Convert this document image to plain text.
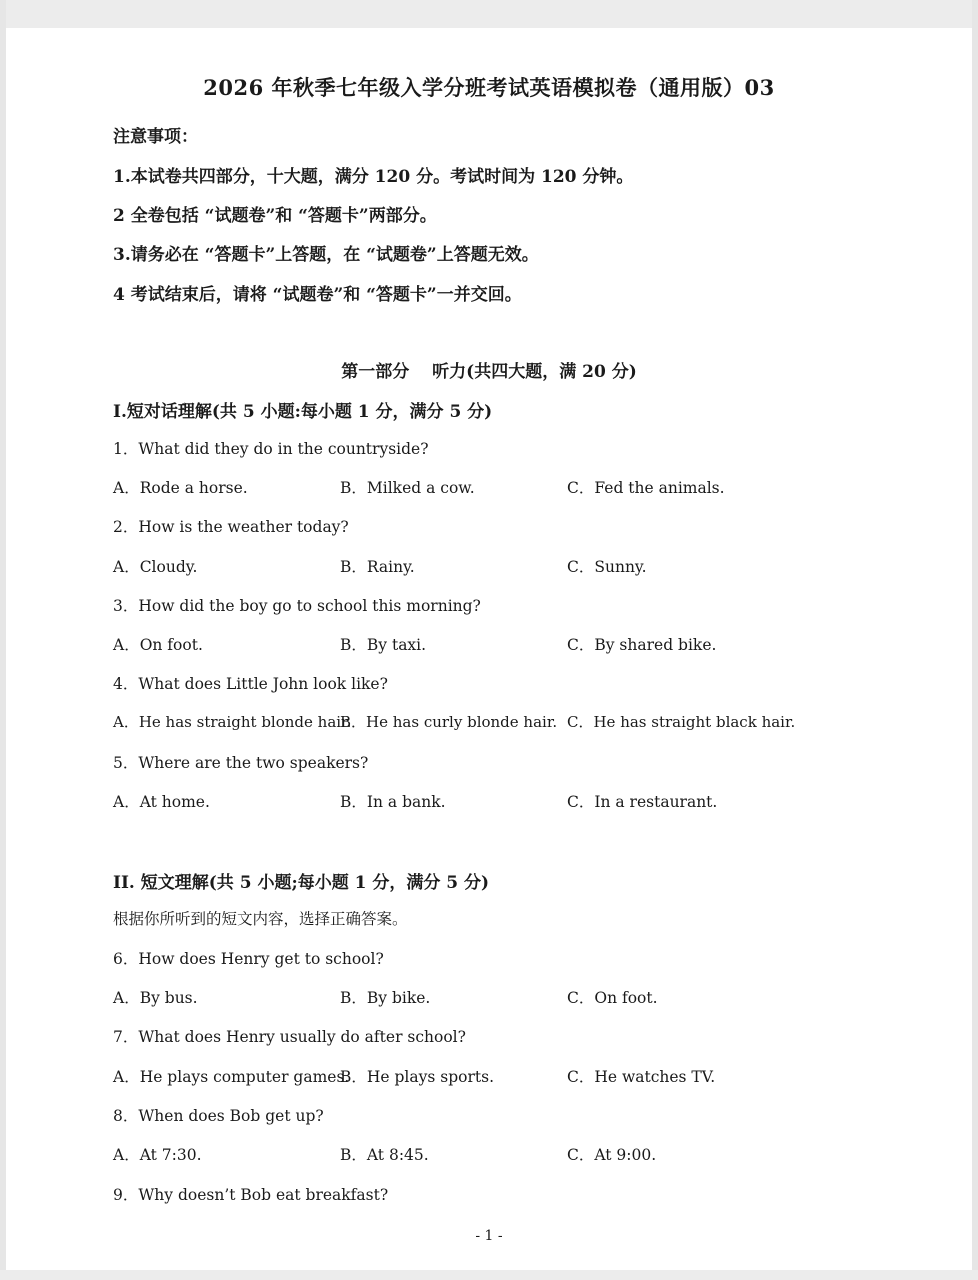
2026 年秋季七年级入学分班考试英语模拟卷（通用版）03
注意事项：
1.本试卷共四部分，十大题，满分 120 分。考试时间为 120 分钟。
2 全卷包括 “试题卷”和 “答题卡”两部分。
3.请务必在 “答题卡”上答题，在 “试题卷”上答题无效。
4 考试结束后，请将 “试题卷”和 “答题卡”一并交回。
第一部分　 听力(共四大题，满 20 分)
I.短对话理解(共 5 小题:每小题 1 分，满分 5 分)
1．What did they do in the countryside?
A．Rode a horse.	B．Milked a cow.	C．Fed the animals.
2．How is the weather today?
A．Cloudy.	B．Rainy.	C．Sunny.
3．How did the boy go to school this morning?
A．On foot.	B．By taxi.	C．By shared bike.
4．What does Little John look like?
A．He has straight blonde hair.
B．He has curly blonde hair. C．He has straight black hair.
5．Where are the two speakers?
A．At home.	B．In a bank.	C．In a restaurant.
II. 短文理解(共 5 小题;每小题 1 分，满分 5 分)
根据你所听到的短文内容，选择正确答案。
6．How does Henry get to school?
A．By bus.	B．By bike.	C．On foot.
7．What does Henry usually do after school?
A．He plays computer games.
B．He plays sports.	C．He watches TV.
8．When does Bob get up?
A．At 7:30.	B．At 8:45.	C．At 9:00.
9．Why doesn’t Bob eat breakfast?
- 1 -
